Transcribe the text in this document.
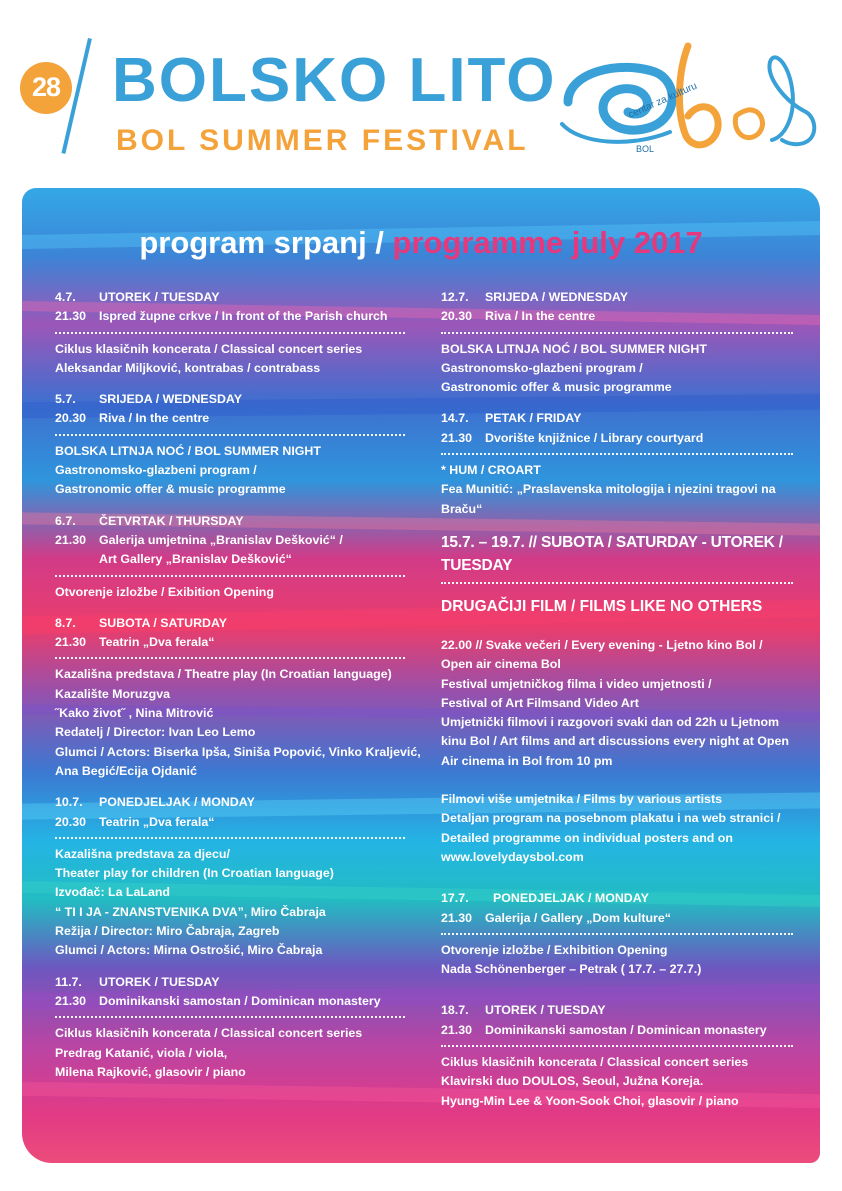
28 BOLSKO LITO
BOL SUMMER FESTIVAL
centar za kulturu
BOL
program srpanj / programme july 2017
4.7. UTOREK / TUESDAY
21.30 Ispred župne crkve / In front of the Parish church
Ciklus klasičnih koncerata / Classical concert series
Aleksandar Miljković, kontrabas / contrabass
5.7. SRIJEDA / WEDNESDAY
20.30 Riva / In the centre
BOLSKA LITNJA NOĆ / BOL SUMMER NIGHT
Gastronomsko-glazbeni program /
Gastronomic offer & music programme
6.7. ČETVRTAK / THURSDAY
21.30 Galerija umjetnina „Branislav Dešković“ /
Art Gallery „Branislav Dešković“
Otvorenje izložbe / Exibition Opening
8.7. SUBOTA / SATURDAY
21.30 Teatrin „Dva ferala“
Kazališna predstava / Theatre play (In Croatian language)
Kazalište Moruzgva
˝Kako život˝ , Nina Mitrović
Redatelj / Director: Ivan Leo Lemo
Glumci / Actors: Biserka Ipša, Siniša Popović, Vinko Kraljević,
Ana Begić/Ecija Ojdanić
10.7. PONEDJELJAK / MONDAY
20.30 Teatrin „Dva ferala“
Kazališna predstava za djecu/
Theater play for children (In Croatian language)
Izvođač: La LaLand
“ TI I JA - ZNANSTVENIKA DVA”, Miro Čabraja
Režija / Director: Miro Čabraja, Zagreb
Glumci / Actors: Mirna Ostrošić, Miro Čabraja
11.7. UTOREK / TUESDAY
21.30 Dominikanski samostan / Dominican monastery
Ciklus klasičnih koncerata / Classical concert series
Predrag Katanić, viola / viola,
Milena Rajković, glasovir / piano
12.7. SRIJEDA / WEDNESDAY
20.30 Riva / In the centre
BOLSKA LITNJA NOĆ / BOL SUMMER NIGHT
Gastronomsko-glazbeni program /
Gastronomic offer & music programme
14.7. PETAK / FRIDAY
21.30 Dvorište knjižnice / Library courtyard
* HUM / CROART
Fea Munitić: „Praslavenska mitologija i njezini tragovi na Braču“
15.7. – 19.7. // SUBOTA / SATURDAY - UTOREK / TUESDAY
DRUGAČIJI FILM / FILMS LIKE NO OTHERS
22.00 // Svake večeri / Every evening - Ljetno kino Bol /
Open air cinema Bol
Festival umjetničkog filma i video umjetnosti /
Festival of Art Filmsand Video Art
Umjetnički filmovi i razgovori svaki dan od 22h u Ljetnom
kinu Bol / Art films and art discussions every night at Open
Air cinema in Bol from 10 pm
Filmovi više umjetnika / Films by various artists
Detaljan program na posebnom plakatu i na web stranici /
Detailed programme on individual posters and on
www.lovelydaysbol.com
17.7. PONEDJELJAK / MONDAY
21.30 Galerija / Gallery „Dom kulture“
Otvorenje izložbe / Exhibition Opening
Nada Schönenberger – Petrak ( 17.7. – 27.7.)
18.7. UTOREK / TUESDAY
21.30 Dominikanski samostan / Dominican monastery
Ciklus klasičnih koncerata / Classical concert series
Klavirski duo DOULOS, Seoul, Južna Koreja.
Hyung-Min Lee & Yoon-Sook Choi, glasovir / piano
